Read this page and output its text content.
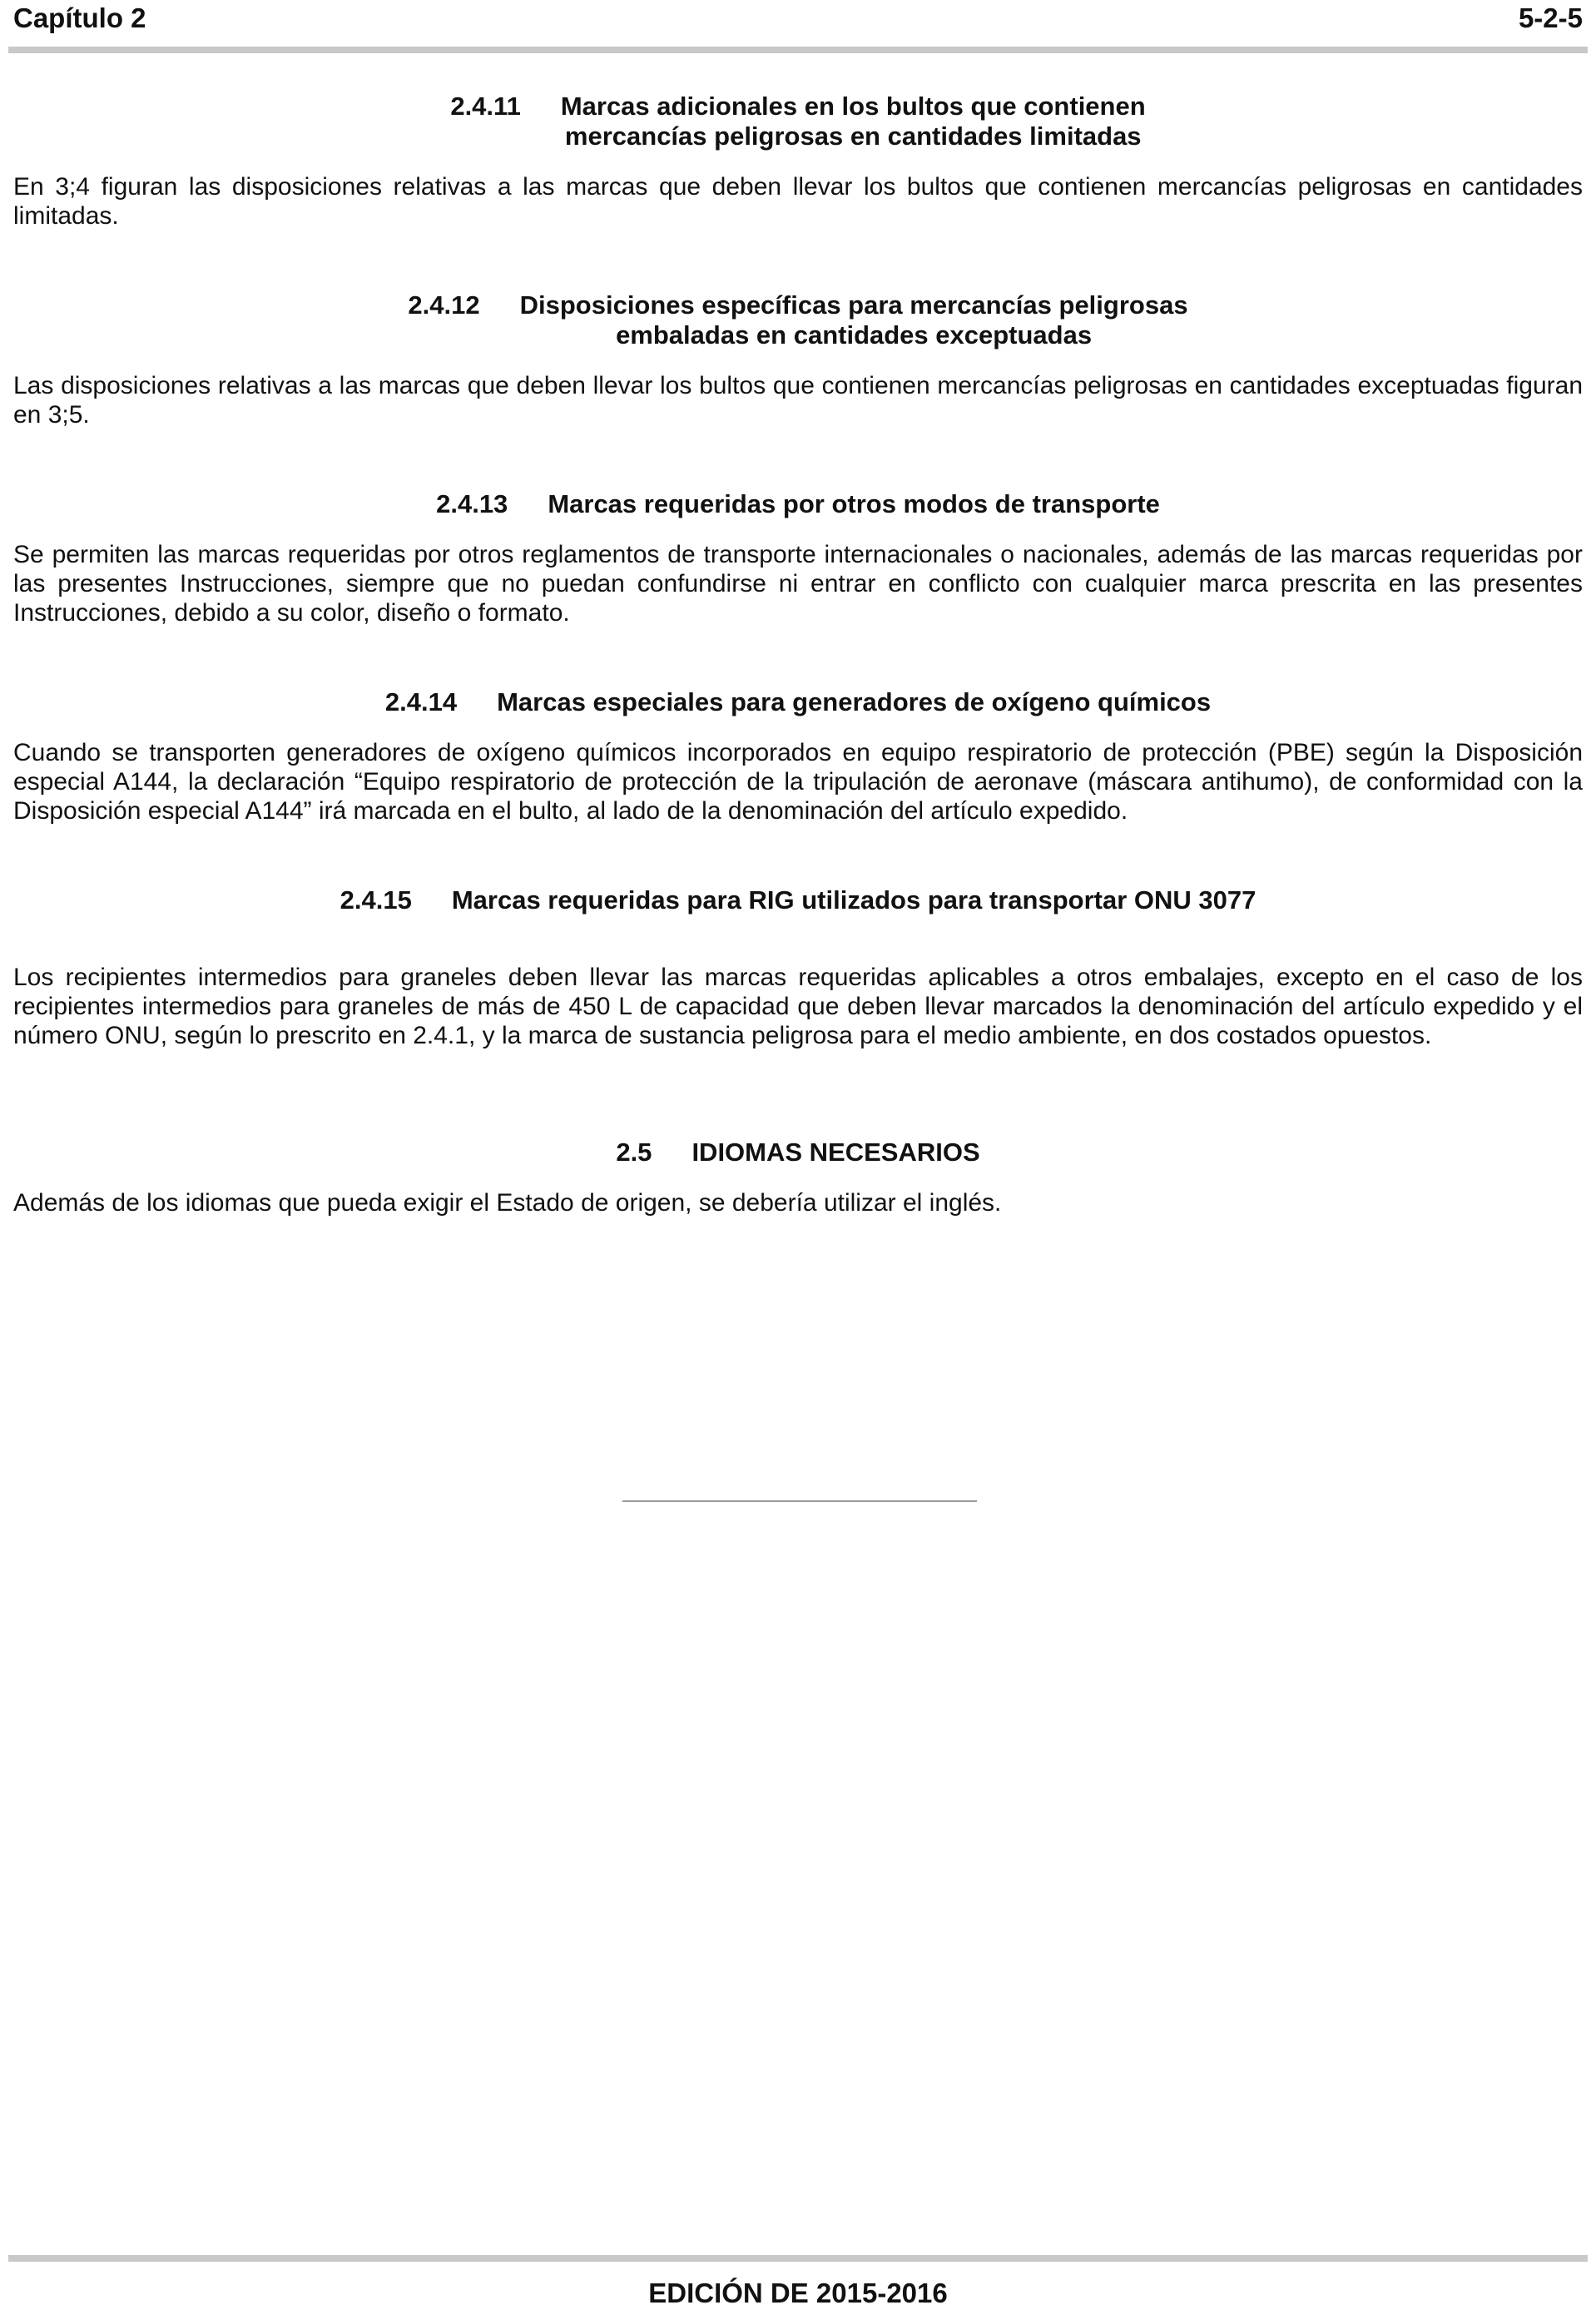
Capítulo 2	5-2-5
2.4.11 Marcas adicionales en los bultos que contienen
mercancías peligrosas en cantidades limitadas

En 3;4 figuran las disposiciones relativas a las marcas que deben llevar los bultos que contienen mercancías peligrosas en cantidades limitadas.

2.4.12 Disposiciones específicas para mercancías peligrosas
embaladas en cantidades exceptuadas

Las disposiciones relativas a las marcas que deben llevar los bultos que contienen mercancías peligrosas en cantidades exceptuadas figuran en 3;5.

2.4.13 Marcas requeridas por otros modos de transporte

Se permiten las marcas requeridas por otros reglamentos de transporte internacionales o nacionales, además de las marcas requeridas por las presentes Instrucciones, siempre que no puedan confundirse ni entrar en conflicto con cualquier marca prescrita en las presentes Instrucciones, debido a su color, diseño o formato.

2.4.14 Marcas especiales para generadores de oxígeno químicos

Cuando se transporten generadores de oxígeno químicos incorporados en equipo respiratorio de protección (PBE) según la Disposición especial A144, la declaración “Equipo respiratorio de protección de la tripulación de aeronave (máscara antihumo), de conformidad con la Disposición especial A144” irá marcada en el bulto, al lado de la denominación del artículo expedido.

2.4.15 Marcas requeridas para RIG utilizados para transportar ONU 3077

Los recipientes intermedios para graneles deben llevar las marcas requeridas aplicables a otros embalajes, excepto en el caso de los recipientes intermedios para graneles de más de 450 L de capacidad que deben llevar marcados la denominación del artículo expedido y el número ONU, según lo prescrito en 2.4.1, y la marca de sustancia peligrosa para el medio ambiente, en dos costados opuestos.

2.5 IDIOMAS NECESARIOS

Además de los idiomas que pueda exigir el Estado de origen, se debería utilizar el inglés.

EDICIÓN DE 2015-2016
